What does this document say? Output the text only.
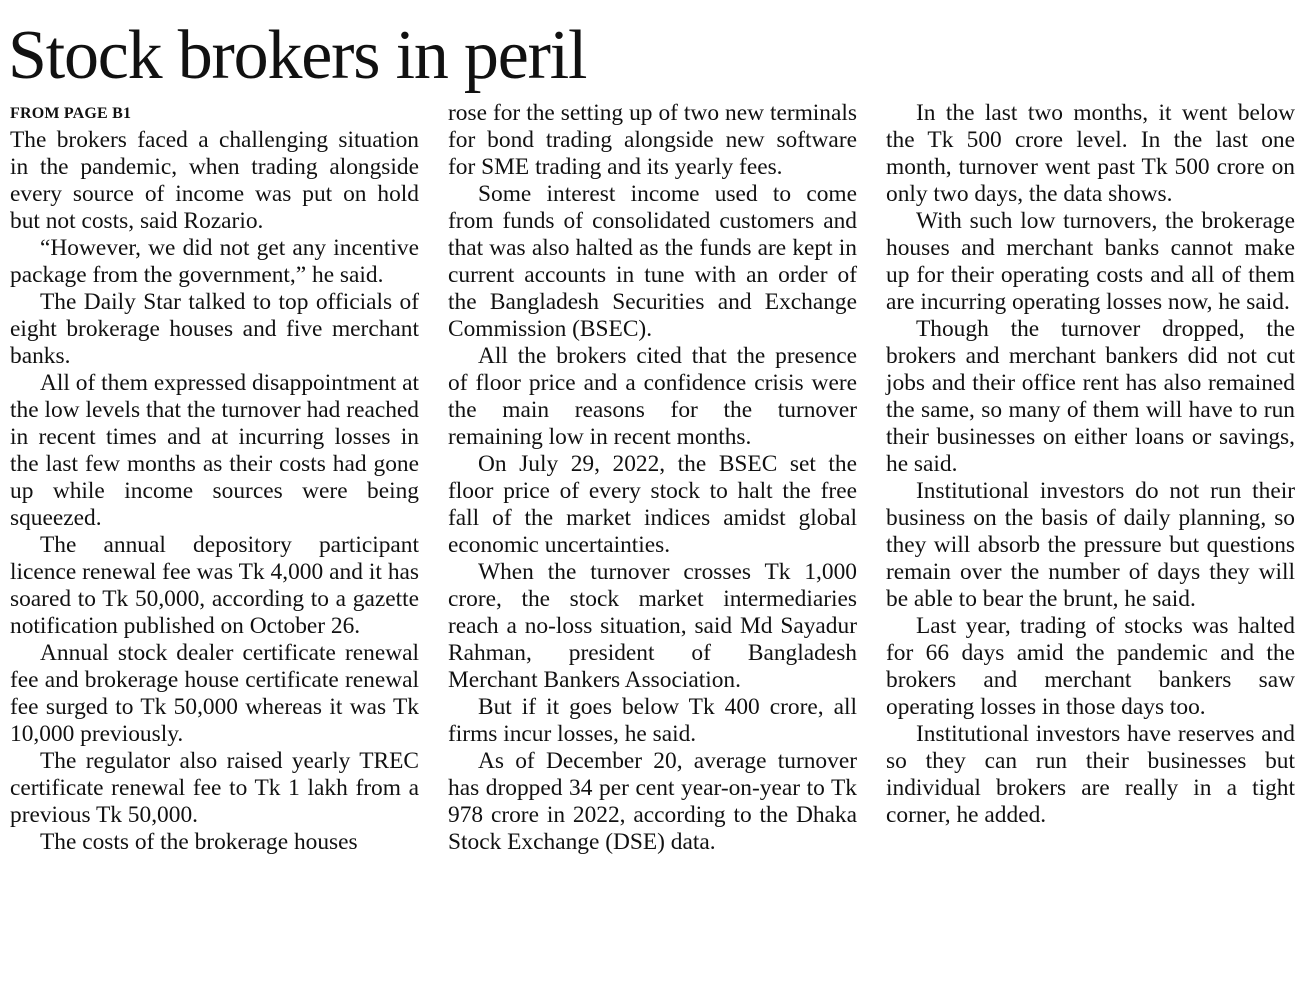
Stock brokers in peril
FROM PAGE B1

The brokers faced a challenging situation in the pandemic, when trading alongside every source of income was put on hold but not costs, said Rozario.

“However, we did not get any incentive package from the government,” he said.

The Daily Star talked to top officials of eight brokerage houses and five merchant banks.

All of them expressed disappointment at the low levels that the turnover had reached in recent times and at incurring losses in the last few months as their costs had gone up while income sources were being squeezed.

The annual depository participant licence renewal fee was Tk 4,000 and it has soared to Tk 50,000, according to a gazette notification published on October 26.

Annual stock dealer certificate renewal fee and brokerage house certificate renewal fee surged to Tk 50,000 whereas it was Tk 10,000 previously.

The regulator also raised yearly TREC certificate renewal fee to Tk 1 lakh from a previous Tk 50,000.

The costs of the brokerage houses

rose for the setting up of two new terminals for bond trading alongside new software for SME trading and its yearly fees.

Some interest income used to come from funds of consolidated customers and that was also halted as the funds are kept in current accounts in tune with an order of the Bangladesh Securities and Exchange Commission (BSEC).

All the brokers cited that the presence of floor price and a confidence crisis were the main reasons for the turnover remaining low in recent months.

On July 29, 2022, the BSEC set the floor price of every stock to halt the free fall of the market indices amidst global economic uncertainties.

When the turnover crosses Tk 1,000 crore, the stock market intermediaries reach a no-loss situation, said Md Sayadur Rahman, president of Bangladesh Merchant Bankers Association.

But if it goes below Tk 400 crore, all firms incur losses, he said.

As of December 20, average turnover has dropped 34 per cent year-on-year to Tk 978 crore in 2022, according to the Dhaka Stock Exchange (DSE) data.

In the last two months, it went below the Tk 500 crore level. In the last one month, turnover went past Tk 500 crore on only two days, the data shows.

With such low turnovers, the brokerage houses and merchant banks cannot make up for their operating costs and all of them are incurring operating losses now, he said.

Though the turnover dropped, the brokers and merchant bankers did not cut jobs and their office rent has also remained the same, so many of them will have to run their businesses on either loans or savings, he said.

Institutional investors do not run their business on the basis of daily planning, so they will absorb the pressure but questions remain over the number of days they will be able to bear the brunt, he said.

Last year, trading of stocks was halted for 66 days amid the pandemic and the brokers and merchant bankers saw operating losses in those days too.

Institutional investors have reserves and so they can run their businesses but individual brokers are really in a tight corner, he added.
